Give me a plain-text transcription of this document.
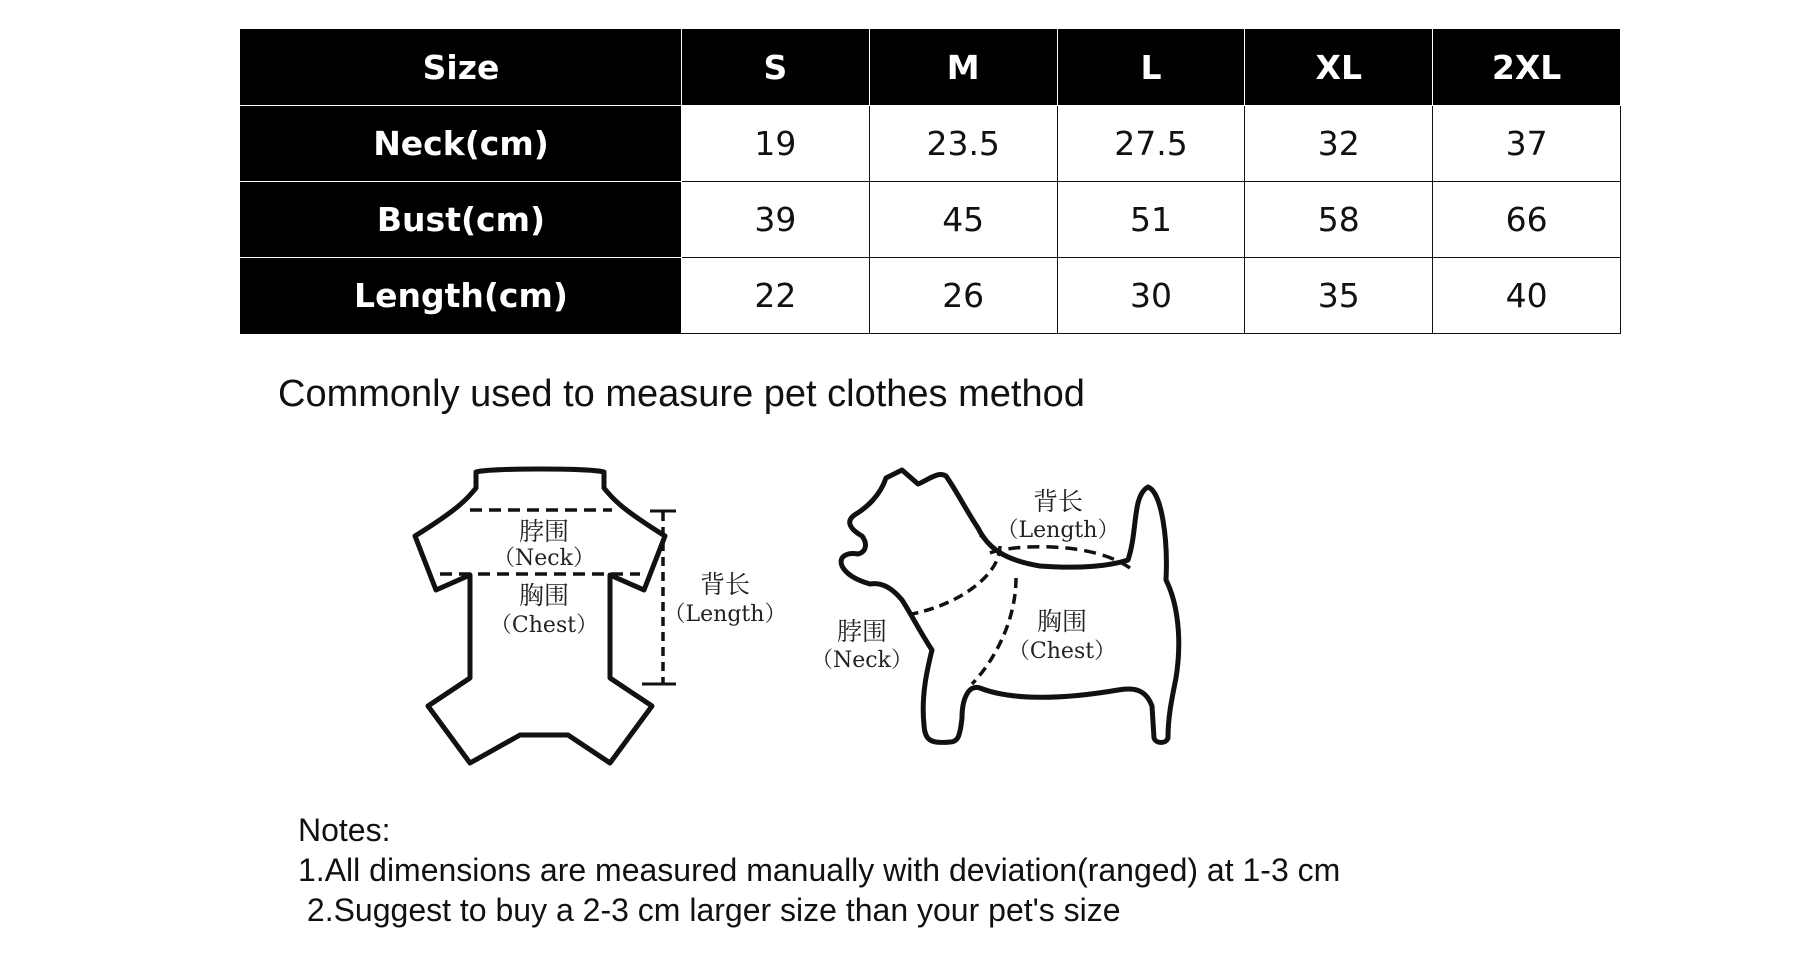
Size	S	M	L	XL	2XL
Neck(cm)	19	23.5	27.5	32	37
Bust(cm)	39	45	51	58	66
Length(cm)	22	26	30	35	40
Commonly used to measure pet clothes method
脖围
（Neck）
胸围
（Chest）
背长
（Length）
背长
（Length）
脖围
（Neck）
胸围
（Chest）
Notes:
1.All dimensions are measured manually with deviation(ranged) at 1-3 cm
2.Suggest to buy a 2-3 cm larger size than your pet's size
